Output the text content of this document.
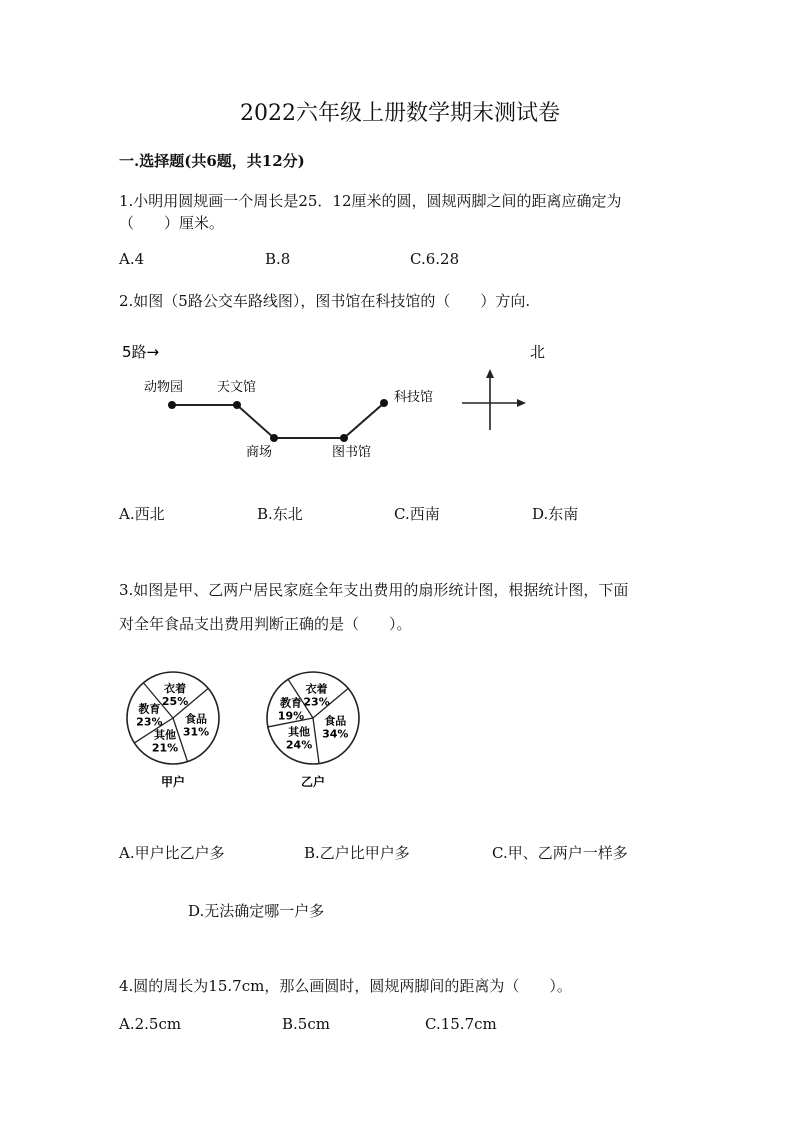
2022六年级上册数学期末测试卷
一.选择题(共6题，共12分)
1.小明用圆规画一个周长是25．12厘米的圆，圆规两脚之间的距离应确定为
（　　）厘米。
A.4	B.8	C.6.28
2.如图（5路公交车路线图），图书馆在科技馆的（　　）方向.
5路→	北
动物园	天文馆
商场	图书馆
科技馆
A.西北	B.东北	C.西南	D.东南
3.如图是甲、乙两户居民家庭全年支出费用的扇形统计图，根据统计图，下面
对全年食品支出费用判断正确的是（　　）。
食品
31%
其他
21%
教育
23%
衣着
25%
甲户
食品
34%
其他
24%
教育
19%
衣着
23%
乙户
A.甲户比乙户多	B.乙户比甲户多	C.甲、乙两户一样多
D.无法确定哪一户多
4.圆的周长为15.7cm，那么画圆时，圆规两脚间的距离为（　　）。
A.2.5cm	B.5cm	C.15.7cm
